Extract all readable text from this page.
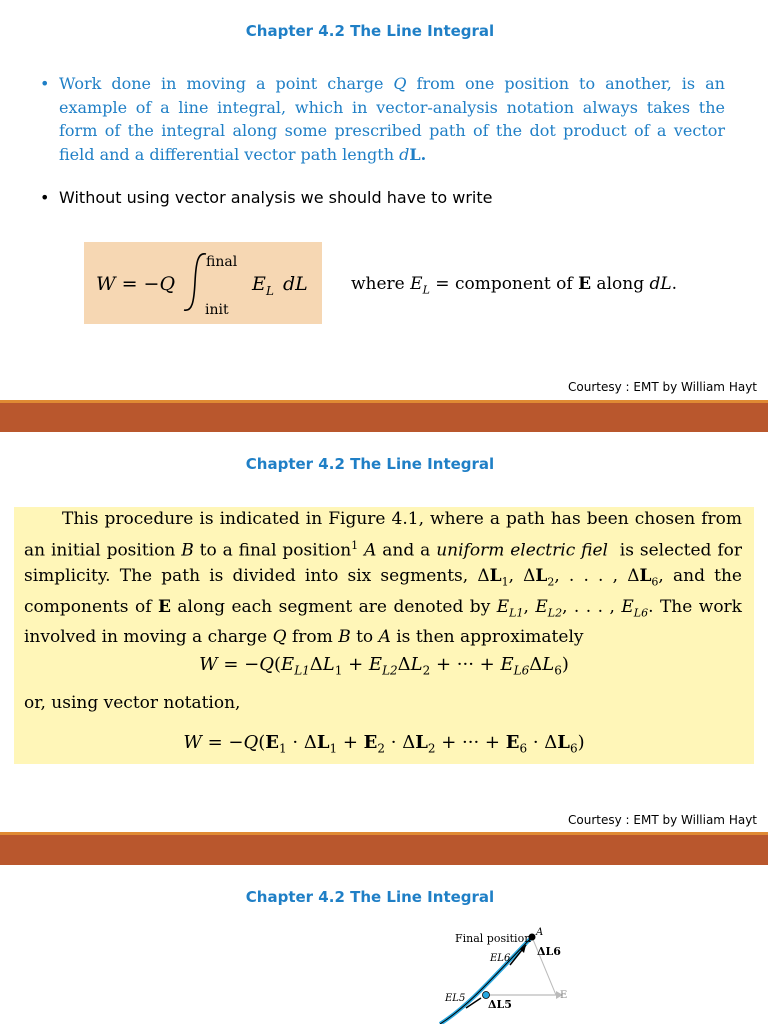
Chapter 4.2 The Line Integral
• Work done in moving a point charge Q from one position to another, is an example of a line integral, which in vector-analysis notation always takes the form of the integral along some prescribed path of the dot product of a vector field and a differential vector path length dL.
• Without using vector analysis we should have to write
W = −Q
final
init
E L dL	where $E_L$ = component of E along dL.
Courtesy : EMT by William Hayt
Chapter 4.2 The Line Integral
This procedure is indicated in Figure 4.1, where a path has been chosen from an initial position B to a final position$^1$ A and a uniform electric fiel  is selected for simplicity. The path is divided into six segments, $\Delta L_1$, $\Delta L_2$, . . . , $\Delta L_6$, and the components of E along each segment are denoted by $E_{L1}$, $E_{L2}$, . . . , $E_{L6}$. The work involved in moving a charge Q from B to A is then approximately
$W = -Q(E_{L1}\Delta L_1 + E_{L2}\Delta L_2$ + ··· + $E_{L6}\Delta L_6$)
or, using vector notation,
$W = -Q(E_1 \cdot \Delta L_1 + E_2 \cdot \Delta L_2$ + ··· + $E_6 \cdot \Delta L_6$)
Courtesy : EMT by William Hayt
Chapter 4.2 The Line Integral
Final position A
ΔL6
EL6
EL5 ΔL5
E
